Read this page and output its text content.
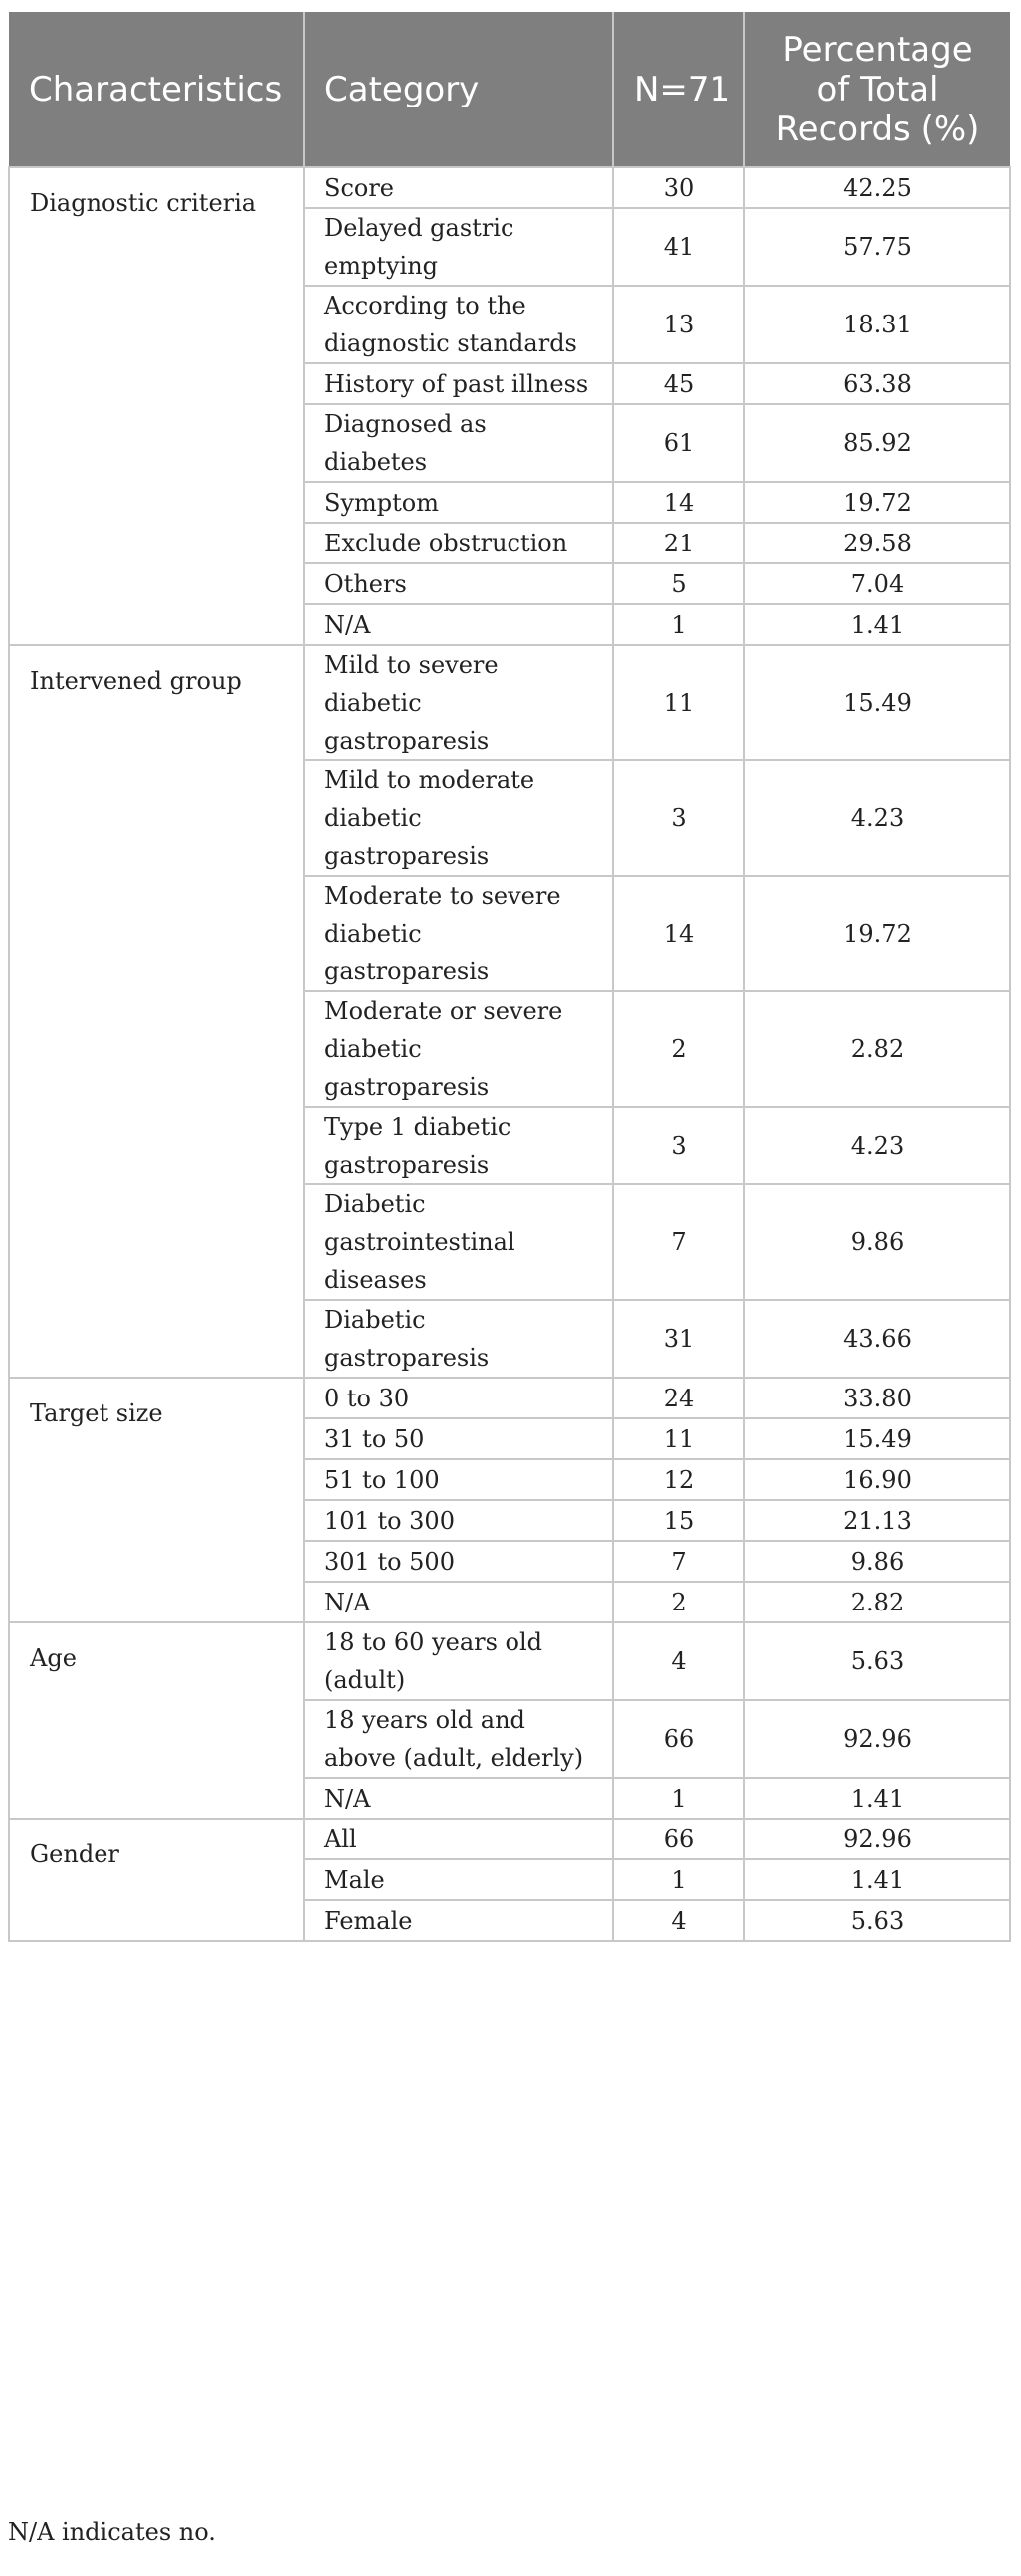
Characteristics	Category	N=71	Percentage of Total Records (%)
Diagnostic criteria	Score	30	42.25
	Delayed gastric emptying	41	57.75
	According to the diagnostic standards	13	18.31
	History of past illness	45	63.38
	Diagnosed as diabetes	61	85.92
	Symptom	14	19.72
	Exclude obstruction	21	29.58
	Others	5	7.04
	N/A	1	1.41
Intervened group	Mild to severe diabetic gastroparesis	11	15.49
	Mild to moderate diabetic gastroparesis	3	4.23
	Moderate to severe diabetic gastroparesis	14	19.72
	Moderate or severe diabetic gastroparesis	2	2.82
	Type 1 diabetic gastroparesis	3	4.23
	Diabetic gastrointestinal diseases	7	9.86
	Diabetic gastroparesis	31	43.66
Target size	0 to 30	24	33.80
	31 to 50	11	15.49
	51 to 100	12	16.90
	101 to 300	15	21.13
	301 to 500	7	9.86
	N/A	2	2.82
Age	18 to 60 years old (adult)	4	5.63
	18 years old and above (adult, elderly)	66	92.96
	N/A	1	1.41
Gender	All	66	92.96
	Male	1	1.41
	Female	4	5.63
N/A indicates no.
